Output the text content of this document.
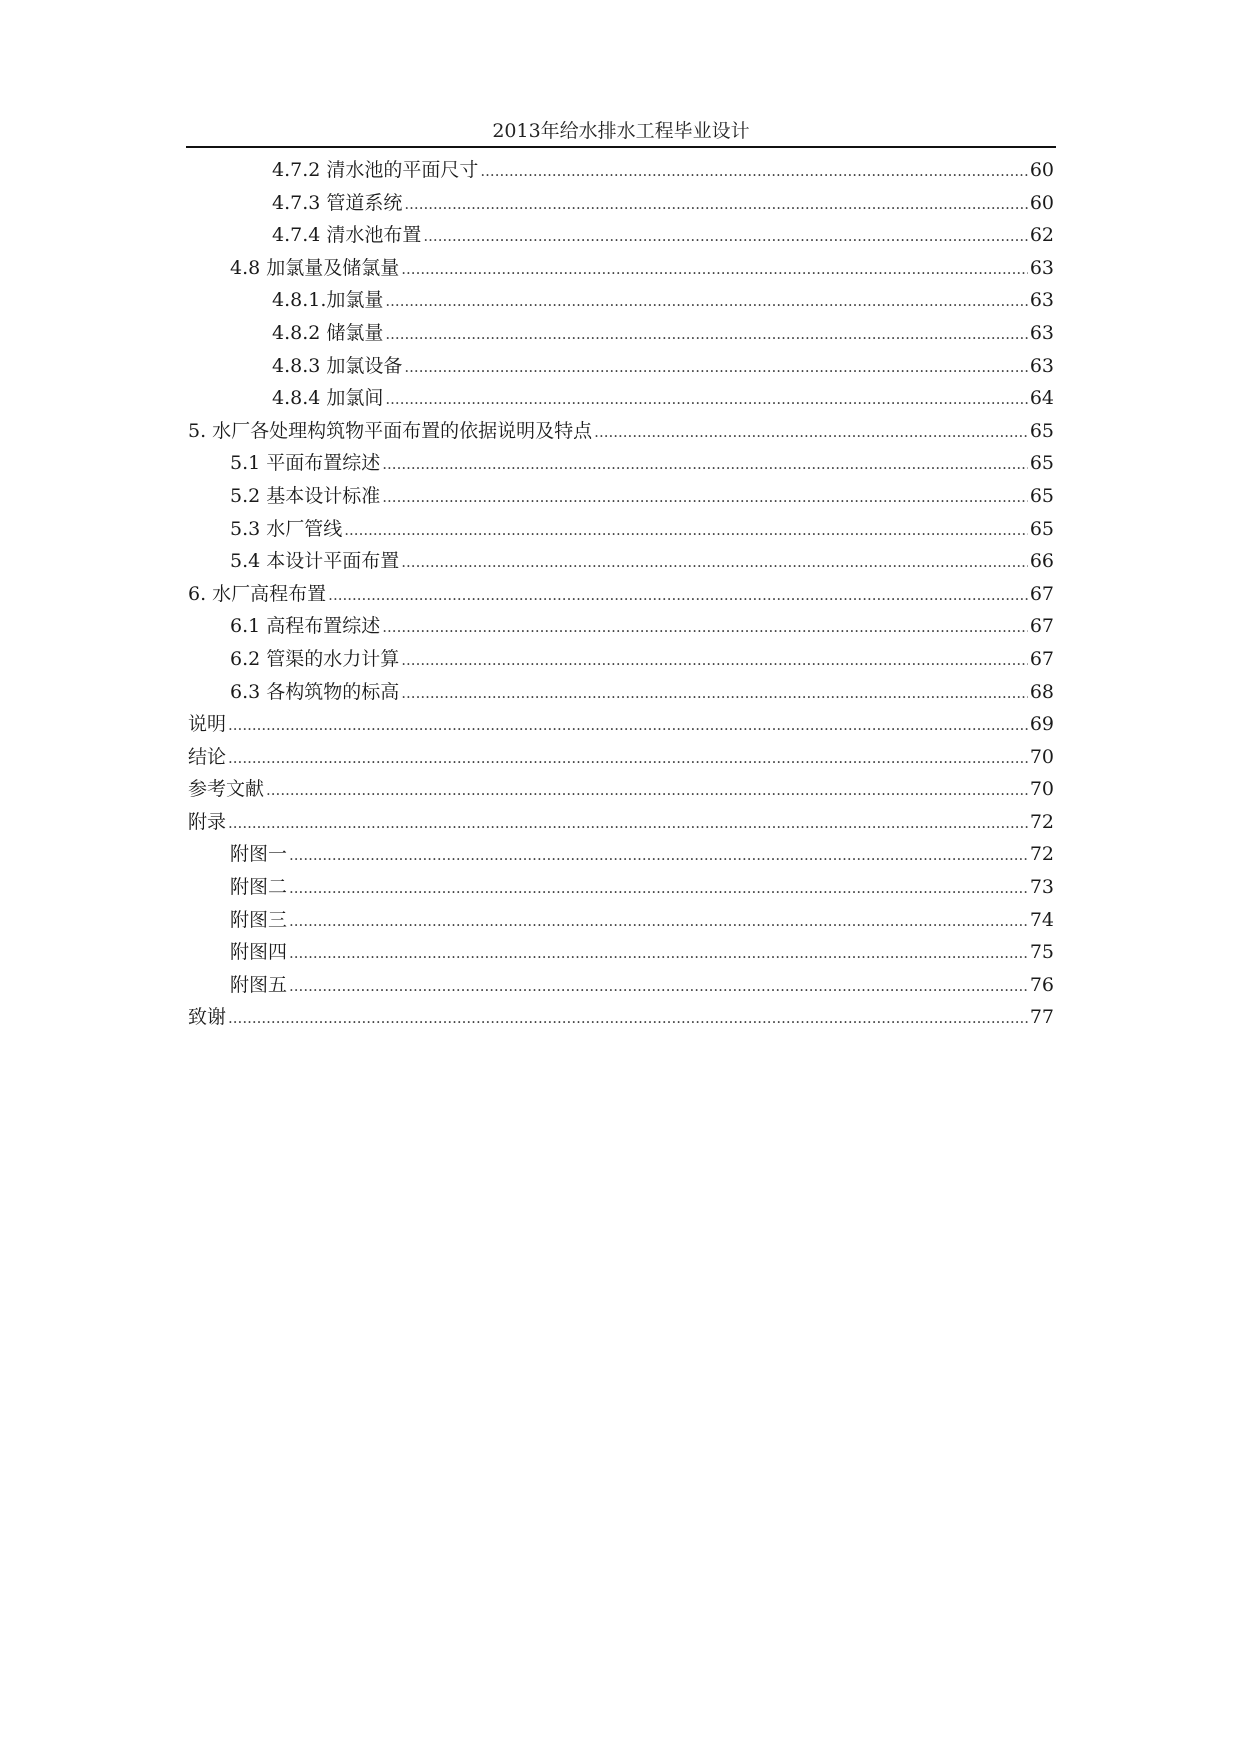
2013年给水排水工程毕业设计
4.7.2 清水池的平面尺寸 .....	60
4.7.3 管道系统 .....	60
4.7.4 清水池布置 .....	62
4.8 加氯量及储氯量 .....	63
4.8.1.加氯量 .....	63
4.8.2 储氯量 .....	63
4.8.3 加氯设备 .....	63
4.8.4 加氯间 .....	64
5. 水厂各处理构筑物平面布置的依据说明及特点 .....	65
5.1 平面布置综述 .....	65
5.2 基本设计标准 .....	65
5.3 水厂管线 .....	65
5.4 本设计平面布置 .....	66
6. 水厂高程布置 .....	67
6.1 高程布置综述 .....	67
6.2 管渠的水力计算 .....	67
6.3 各构筑物的标高 .....	68
说明 .....	69
结论 .....	70
参考文献 .....	70
附录 .....	72
附图一 .....	72
附图二 .....	73
附图三 .....	74
附图四 .....	75
附图五 .....	76
致谢 .....	77
